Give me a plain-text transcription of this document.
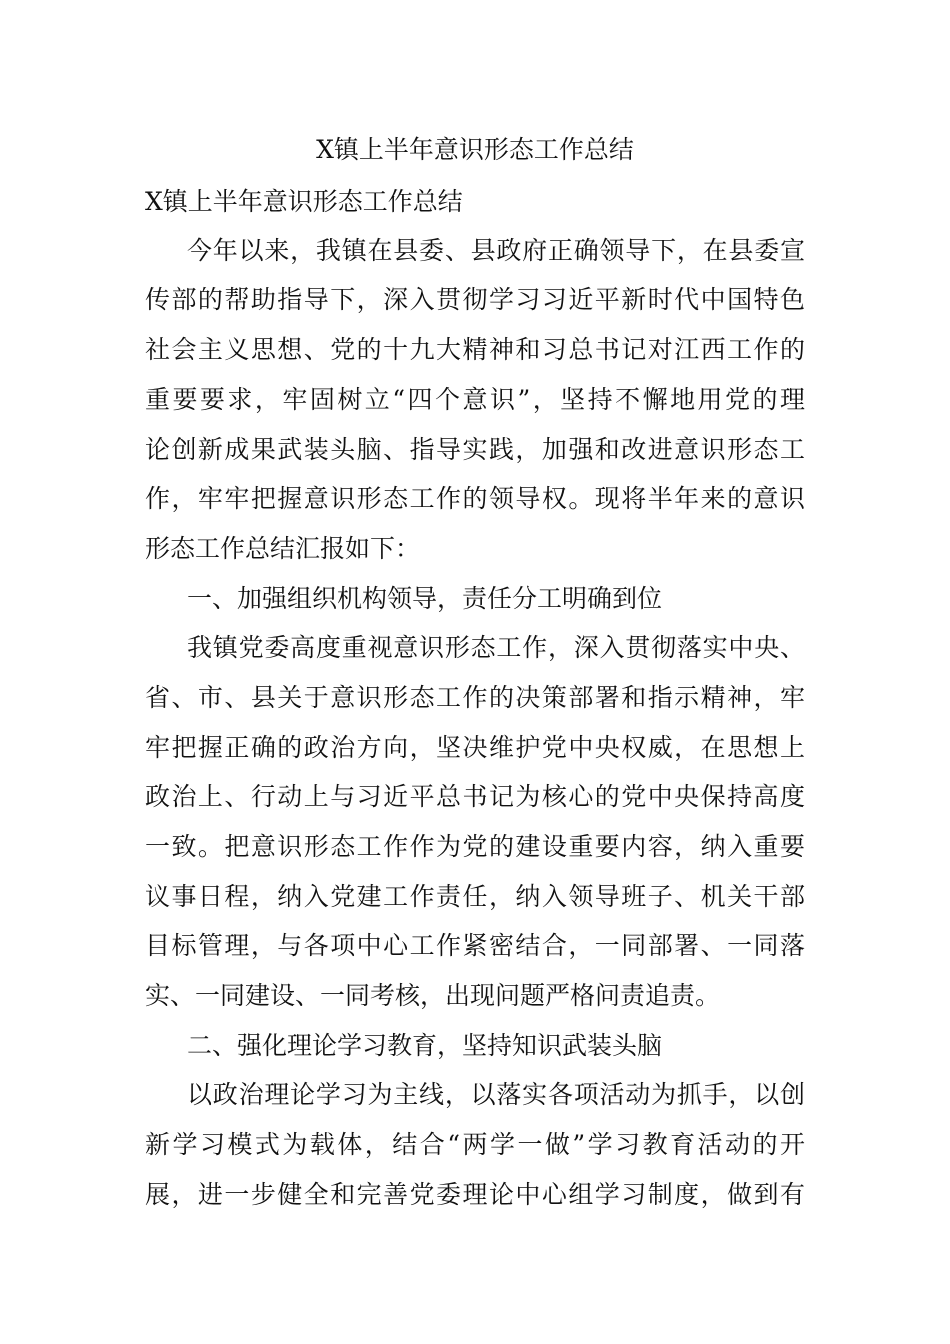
X镇上半年意识形态工作总结
X镇上半年意识形态工作总结
今年以来，我镇在县委、县政府正确领导下，在县委宣
传部的帮助指导下，深入贯彻学习习近平新时代中国特色
社会主义思想、党的十九大精神和习总书记对江西工作的
重要要求，牢固树立“四个意识”，坚持不懈地用党的理
论创新成果武装头脑、指导实践，加强和改进意识形态工
作，牢牢把握意识形态工作的领导权。现将半年来的意识
形态工作总结汇报如下：
一、加强组织机构领导，责任分工明确到位
我镇党委高度重视意识形态工作，深入贯彻落实中央、
省、市、县关于意识形态工作的决策部署和指示精神，牢
牢把握正确的政治方向，坚决维护党中央权威，在思想上
政治上、行动上与习近平总书记为核心的党中央保持高度
一致。把意识形态工作作为党的建设重要内容，纳入重要
议事日程，纳入党建工作责任，纳入领导班子、机关干部
目标管理，与各项中心工作紧密结合，一同部署、一同落
实、一同建设、一同考核，出现问题严格问责追责。
二、强化理论学习教育，坚持知识武装头脑
以政治理论学习为主线，以落实各项活动为抓手，以创
新学习模式为载体，结合“两学一做”学习教育活动的开
展，进一步健全和完善党委理论中心组学习制度，做到有
